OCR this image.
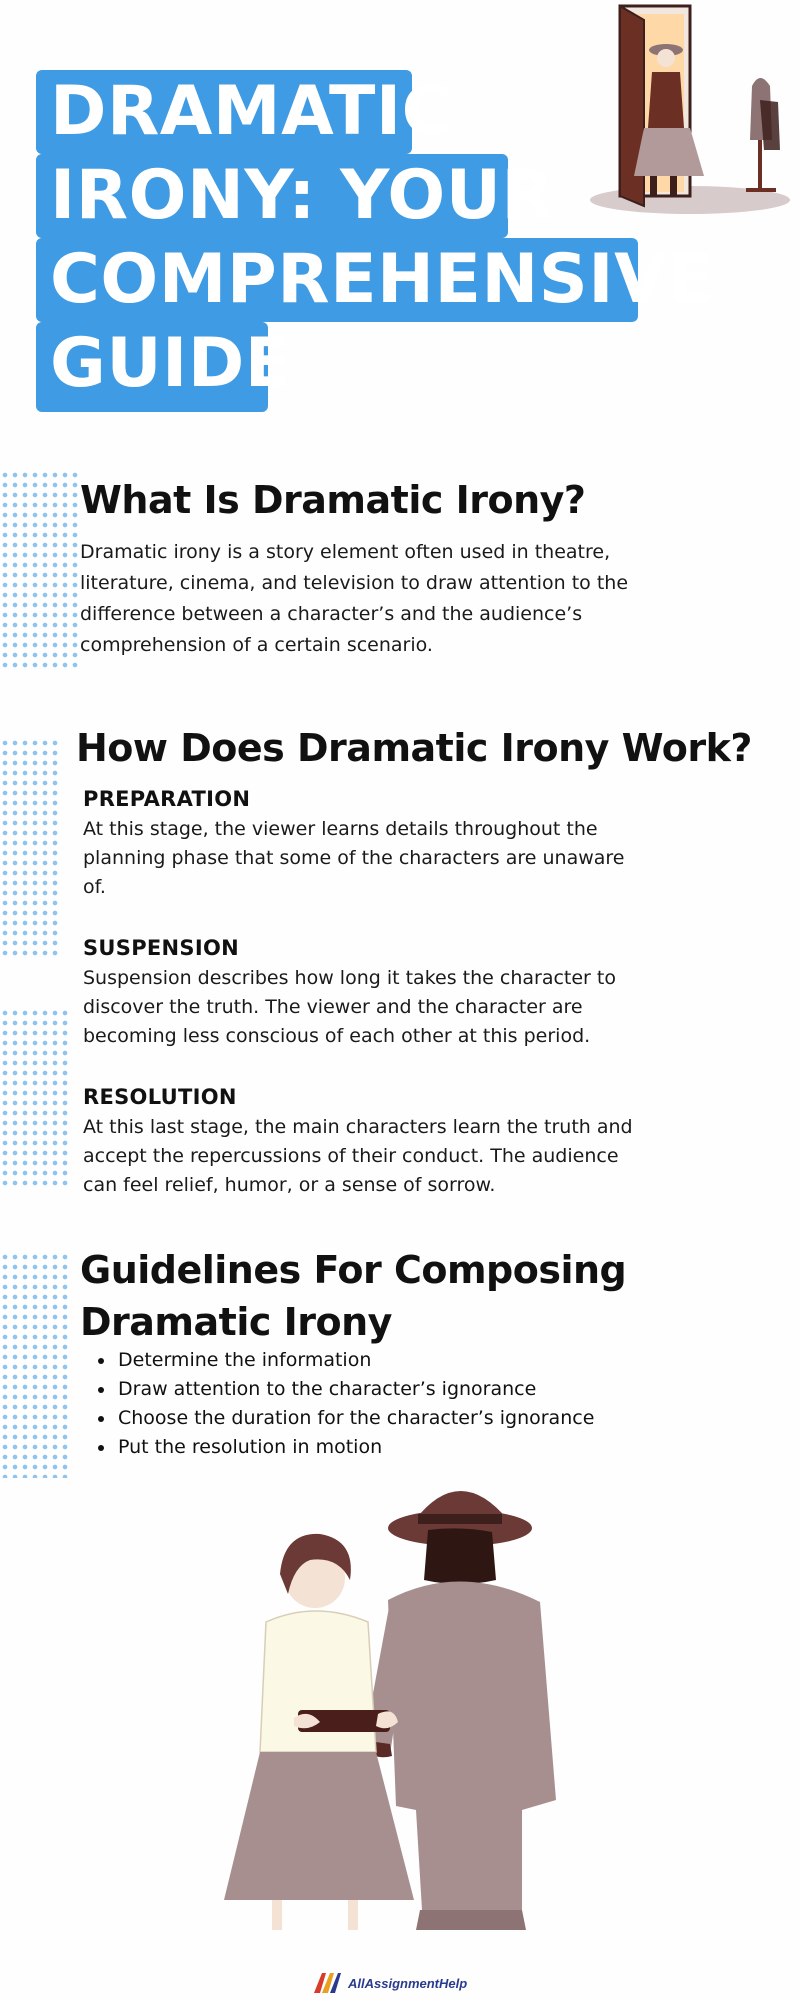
DRAMATIC
IRONY: YOUR
COMPREHENSIVE
GUIDE
What Is Dramatic Irony?

Dramatic irony is a story element often used in theatre,
literature, cinema, and television to draw attention to the
difference between a character’s and the audience’s
comprehension of a certain scenario.

How Does Dramatic Irony Work?

PREPARATION

At this stage, the viewer learns details throughout the
planning phase that some of the characters are unaware
of.

SUSPENSION

Suspension describes how long it takes the character to
discover the truth. The viewer and the character are
becoming less conscious of each other at this period.

RESOLUTION

At this last stage, the main characters learn the truth and
accept the repercussions of their conduct. The audience
can feel relief, humor, or a sense of sorrow.

Guidelines For Composing
Dramatic Irony
• Determine the information
• Draw attention to the character’s ignorance
• Choose the duration for the character’s ignorance
• Put the resolution in motion
AllAssignmentHelp
